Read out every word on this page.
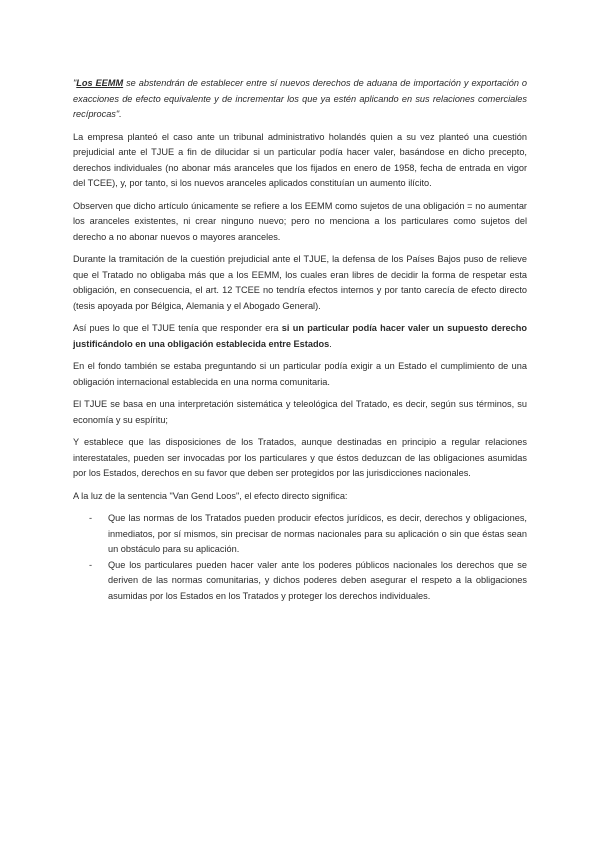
"Los EEMM se abstendrán de establecer entre sí nuevos derechos de aduana de importación y exportación o exacciones de efecto equivalente y de incrementar los que ya estén aplicando en sus relaciones comerciales recíprocas".

La empresa planteó el caso ante un tribunal administrativo holandés quien a su vez planteó una cuestión prejudicial ante el TJUE a fin de dilucidar si un particular podía hacer valer, basándose en dicho precepto, derechos individuales (no abonar más aranceles que los fijados en enero de 1958, fecha de entrada en vigor del TCEE), y, por tanto, si los nuevos aranceles aplicados constituían un aumento ilícito.

Observen que dicho artículo únicamente se refiere a los EEMM como sujetos de una obligación = no aumentar los aranceles existentes, ni crear ninguno nuevo; pero no menciona a los particulares como sujetos del derecho a no abonar nuevos o mayores aranceles.

Durante la tramitación de la cuestión prejudicial ante el TJUE, la defensa de los Países Bajos puso de relieve que el Tratado no obligaba más que a los EEMM, los cuales eran libres de decidir la forma de respetar esta obligación, en consecuencia, el art. 12 TCEE no tendría efectos internos y por tanto carecía de efecto directo (tesis apoyada por Bélgica, Alemania y el Abogado General).

Así pues lo que el TJUE tenía que responder era si un particular podía hacer valer un supuesto derecho justificándolo en una obligación establecida entre Estados.

En el fondo también se estaba preguntando si un particular podía exigir a un Estado el cumplimiento de una obligación internacional establecida en una norma comunitaria.

El TJUE se basa en una interpretación sistemática y teleológica del Tratado, es decir, según sus términos, su economía y su espíritu;

Y establece que las disposiciones de los Tratados, aunque destinadas en principio a regular relaciones interestatales, pueden ser invocadas por los particulares y que éstos deduzcan de las obligaciones asumidas por los Estados, derechos en su favor que deben ser protegidos por las jurisdicciones nacionales.

A la luz de la sentencia "Van Gend Loos", el efecto directo significa:

- Que las normas de los Tratados pueden producir efectos jurídicos, es decir, derechos y obligaciones, inmediatos, por sí mismos, sin precisar de normas nacionales para su aplicación o sin que éstas sean un obstáculo para su aplicación.
- Que los particulares pueden hacer valer ante los poderes públicos nacionales los derechos que se deriven de las normas comunitarias, y dichos poderes deben asegurar el respeto a la obligaciones asumidas por los Estados en los Tratados y proteger los derechos individuales.
